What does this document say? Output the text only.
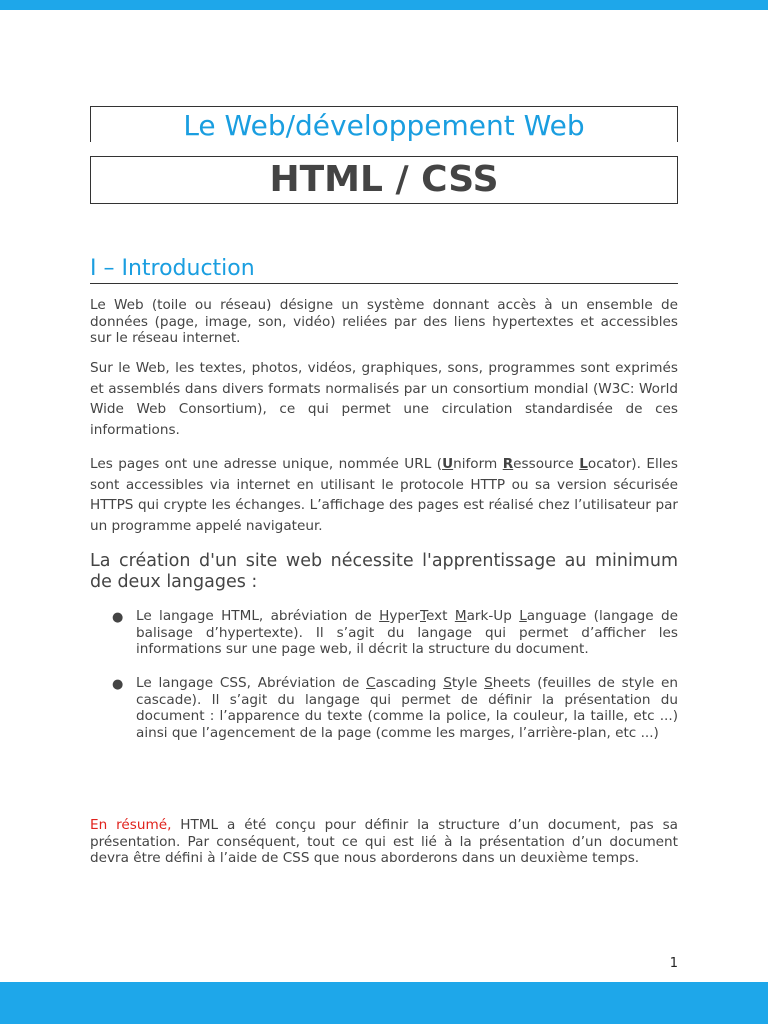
Le Web/développement Web
HTML / CSS
I – Introduction

Le Web (toile ou réseau) désigne un système donnant accès à un ensemble de données (page, image, son, vidéo) reliées par des liens hypertextes et accessibles sur le réseau internet.

Sur le Web, les textes, photos, vidéos, graphiques, sons, programmes sont exprimés et assemblés dans divers formats normalisés par un consortium mondial (W3C: World Wide Web Consortium), ce qui permet une circulation standardisée de ces informations.

Les pages ont une adresse unique, nommée URL (Uniform Ressource Locator). Elles sont accessibles via internet en utilisant le protocole HTTP ou sa version sécurisée HTTPS qui crypte les échanges. L’affichage des pages est réalisé chez l’utilisateur par un programme appelé navigateur.

La création d'un site web nécessite l'apprentissage au minimum de deux langages :
● Le langage HTML, abréviation de HyperText Mark-Up Language (langage de balisage d’hypertexte). Il s’agit du langage qui permet d’afficher les informations sur une page web, il décrit la structure du document.

● Le langage CSS, Abréviation de Cascading Style Sheets (feuilles de style en cascade). Il s’agit du langage qui permet de définir la présentation du document : l’apparence du texte (comme la police, la couleur, la taille, etc ...) ainsi que l’agencement de la page (comme les marges, l’arrière-plan, etc ...)

En résumé, HTML a été conçu pour définir la structure d’un document, pas sa présentation. Par conséquent, tout ce qui est lié à la présentation d’un document devra être défini à l’aide de CSS que nous aborderons dans un deuxième temps.

1
